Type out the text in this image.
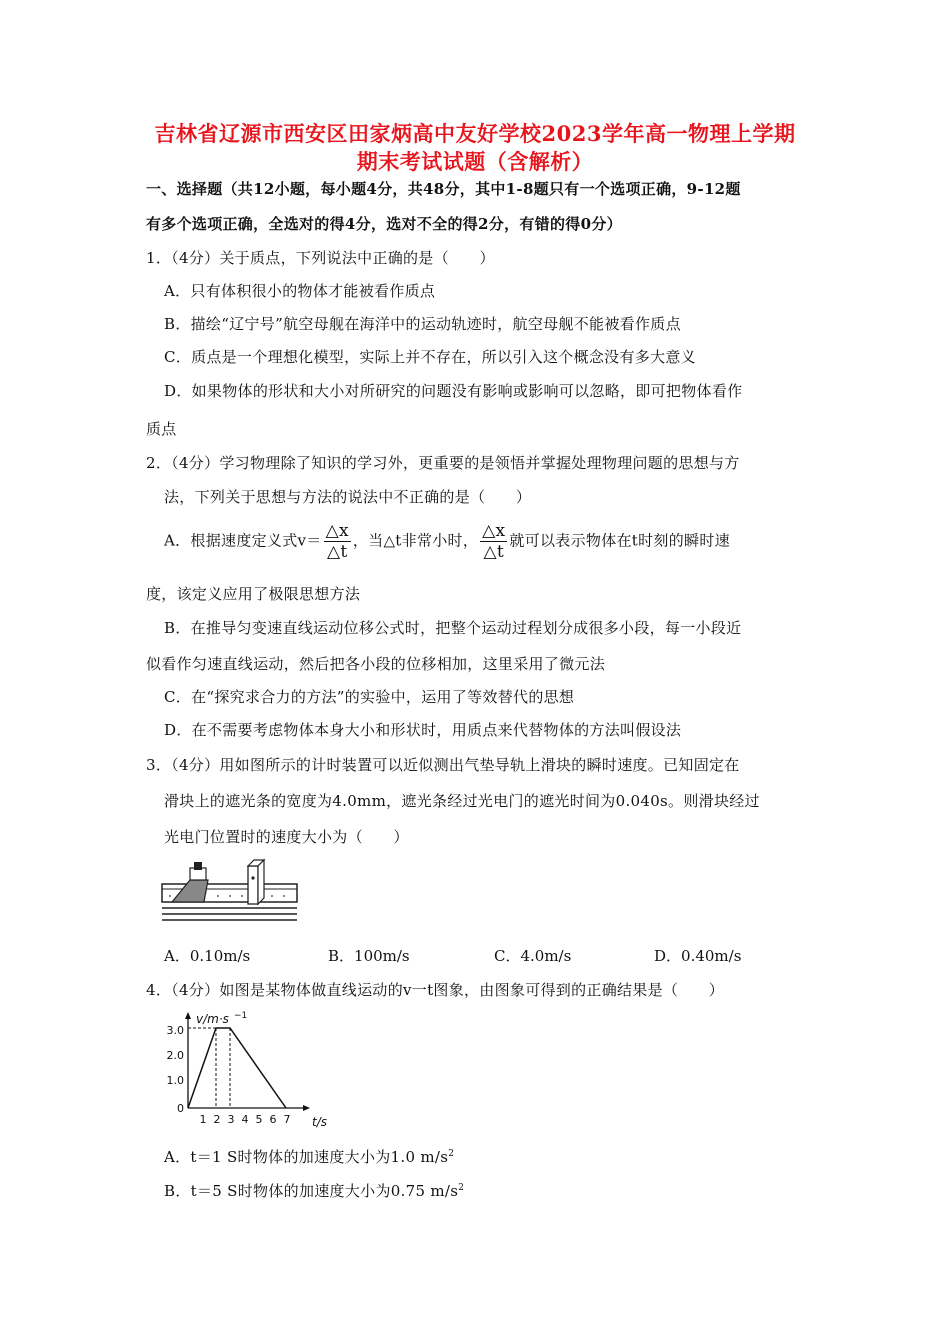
吉林省辽源市西安区田家炳高中友好学校2023学年高一物理上学期
期末考试试题（含解析）
一、选择题（共12小题，每小题4分，共48分，其中1-8题只有一个选项正确，9-12题
有多个选项正确，全选对的得4分，选对不全的得2分，有错的得0分）
1．（4分）关于质点，下列说法中正确的是（　　）
A．只有体积很小的物体才能被看作质点
B．描绘“辽宁号”航空母舰在海洋中的运动轨迹时，航空母舰不能被看作质点
C．质点是一个理想化模型，实际上并不存在，所以引入这个概念没有多大意义
D．如果物体的形状和大小对所研究的问题没有影响或影响可以忽略，即可把物体看作
质点
2．（4分）学习物理除了知识的学习外，更重要的是领悟并掌握处理物理问题的思想与方
法，下列关于思想与方法的说法中不正确的是（　　）
A．根据速度定义式$v= \frac{\triangle x}{\triangle t}$ ，当△t非常小时， $\frac{\triangle x}{\triangle t}$ 就可以表示物体在t时刻的瞬时速
度，该定义应用了极限思想方法
B．在推导匀变速直线运动位移公式时，把整个运动过程划分成很多小段，每一小段近
似看作匀速直线运动，然后把各小段的位移相加，这里采用了微元法
C．在“探究求合力的方法”的实验中，运用了等效替代的思想
D．在不需要考虑物体本身大小和形状时，用质点来代替物体的方法叫假设法
3．（4分）用如图所示的计时装置可以近似测出气垫导轨上滑块的瞬时速度。已知固定在
滑块上的遮光条的宽度为4.0mm，遮光条经过光电门的遮光时间为0.040s。则滑块经过
光电门位置时的速度大小为（　　）
A．0.10m/s	B．100m/s	C．4.0m/s	D．0.40m/s
4．（4分）如图是某物体做直线运动的v一t图象，由图象可得到的正确结果是（　　）
v/m·s −1
t/s
3.0
2.0
1.0
0
1 2 3 4 5 6 7
A．t＝1 S时物体的加速度大小为1.0 $m/s^2$
B．t＝5 S时物体的加速度大小为0.75 $m/s^2$
